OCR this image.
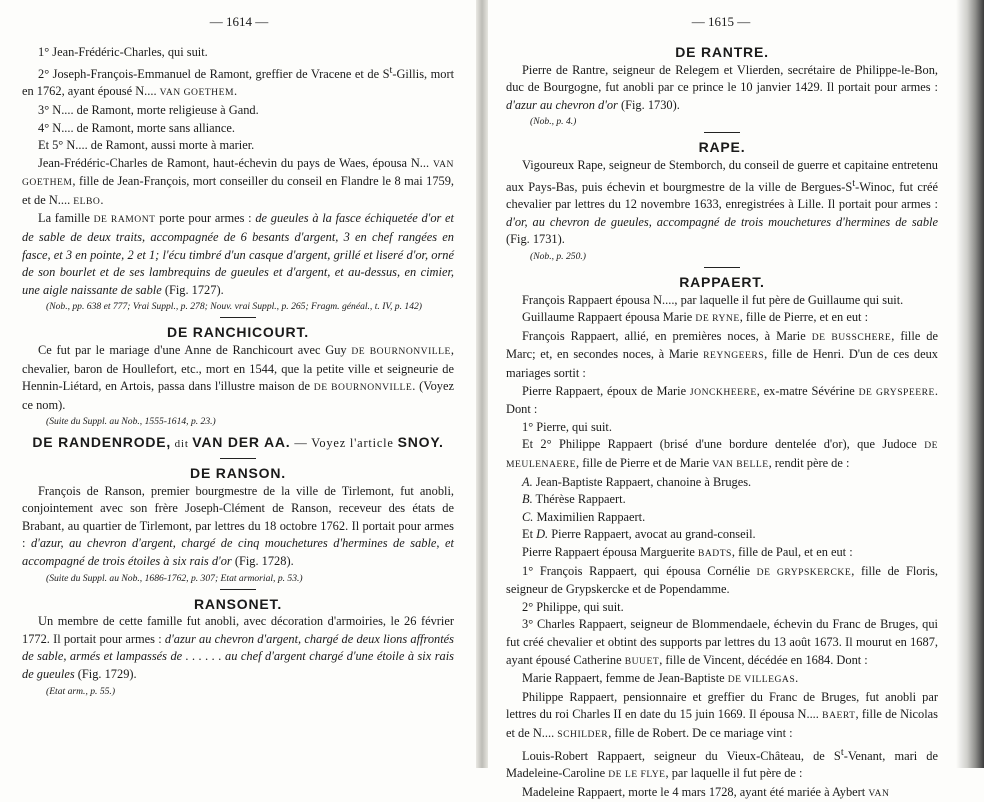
— 1614 —

1° Jean-Frédéric-Charles, qui suit.

2° Joseph-François-Emmanuel de Ramont, greffier de Vracene et de $S^t$-Gillis, mort en 1762, ayant épousé N.... VAN GOETHEM.

3° N.... de Ramont, morte religieuse à Gand.

4° N.... de Ramont, morte sans alliance.

Et 5° N.... de Ramont, aussi morte à marier.

Jean-Frédéric-Charles de Ramont, haut-échevin du pays de Waes, épousa N... VAN GOETHEM, fille de Jean-François, mort conseiller du conseil en Flandre le 8 mai 1759, et de N.... ELBO.

La famille DE RAMONT porte pour armes : de gueules à la fasce échiquetée d'or et de sable de deux traits, accompagnée de 6 besants d'argent, 3 en chef rangées en fasce, et 3 en pointe, 2 et 1; l'écu timbré d'un casque d'argent, grillé et liseré d'or, orné de son bourlet et de ses lambrequins de gueules et d'argent, et au-dessus, en cimier, une aigle naissante de sable (Fig. 1727).

(Nob., pp. 638 et 777; Vrai Suppl., p. 278; Nouv. vrai Suppl., p. 265; Fragm. généal., t. IV, p. 142)
DE RANCHICOURT.

Ce fut par le mariage d'une Anne de Ranchicourt avec Guy DE BOURNONVILLE, chevalier, baron de Houllefort, etc., mort en 1544, que la petite ville et seigneurie de Hennin-Liétard, en Artois, passa dans l'illustre maison de DE BOURNONVILLE. (Voyez ce nom).

(Suite du Suppl. au Nob., 1555-1614, p. 23.)
DE RANDENRODE, dit VAN DER AA. — Voyez l'article SNOY.
DE RANSON.

François de Ranson, premier bourgmestre de la ville de Tirlemont, fut anobli, conjointement avec son frère Joseph-Clément de Ranson, receveur des états de Brabant, au quartier de Tirlemont, par lettres du 18 octobre 1762. Il portait pour armes : d'azur, au chevron d'argent, chargé de cinq mouchetures d'hermines de sable, et accompagné de trois étoiles à six rais d'or (Fig. 1728).

(Suite du Suppl. au Nob., 1686-1762, p. 307; Etat armorial, p. 53.)
RANSONET.

Un membre de cette famille fut anobli, avec décoration d'armoiries, le 26 février 1772. Il portait pour armes : d'azur au chevron d'argent, chargé de deux lions affrontés de sable, armés et lampassés de . . . . . . au chef d'argent chargé d'une étoile à six rais de gueules (Fig. 1729).

(Etat arm., p. 55.)
— 1615 —
DE RANTRE.

Pierre de Rantre, seigneur de Relegem et Vlierden, secrétaire de Philippe-le-Bon, duc de Bourgogne, fut anobli par ce prince le 10 janvier 1429. Il portait pour armes : d'azur au chevron d'or (Fig. 1730).

(Nob., p. 4.)
RAPE.

Vigoureux Rape, seigneur de Stemborch, du conseil de guerre et capitaine entretenu aux Pays-Bas, puis échevin et bourgmestre de la ville de Bergues-$S^t$-Winoc, fut créé chevalier par lettres du 12 novembre 1633, enregistrées à Lille. Il portait pour armes : d'or, au chevron de gueules, accompagné de trois mouchetures d'hermines de sable (Fig. 1731).

(Nob., p. 250.)
RAPPAERT.

François Rappaert épousa N...., par laquelle il fut père de Guillaume qui suit.

Guillaume Rappaert épousa Marie DE RYNE, fille de Pierre, et en eut :

François Rappaert, allié, en premières noces, à Marie DE BUSSCHERE, fille de Marc; et, en secondes noces, à Marie REYNGEERS, fille de Henri. D'un de ces deux mariages sortit :

Pierre Rappaert, époux de Marie JONCKHEERE, ex-matre Sévérine DE GRYSPEERE. Dont :

1° Pierre, qui suit.

Et 2° Philippe Rappaert (brisé d'une bordure dentelée d'or), que Judoce DE MEULENAERE, fille de Pierre et de Marie VAN BELLE, rendit père de :

A. Jean-Baptiste Rappaert, chanoine à Bruges.

B. Thérèse Rappaert.

C. Maximilien Rappaert.

Et D. Pierre Rappaert, avocat au grand-conseil.

Pierre Rappaert épousa Marguerite BADTS, fille de Paul, et en eut :

1° François Rappaert, qui épousa Cornélie DE GRYPSKERCKE, fille de Floris, seigneur de Grypskercke et de Popendamme.

2° Philippe, qui suit.

3° Charles Rappaert, seigneur de Blommendaele, échevin du Franc de Bruges, qui fut créé chevalier et obtint des supports par lettres du 13 août 1673. Il mourut en 1687, ayant épousé Catherine BUUET, fille de Vincent, décédée en 1684. Dont :

Marie Rappaert, femme de Jean-Baptiste DE VILLEGAS.

Philippe Rappaert, pensionnaire et greffier du Franc de Bruges, fut anobli par lettres du roi Charles II en date du 15 juin 1669. Il épousa N.... BAERT, fille de Nicolas et de N.... SCHILDER, fille de Robert. De ce mariage vint :

Louis-Robert Rappaert, seigneur du Vieux-Château, de $S^t$-Venant, mari de Madeleine-Caroline DE LE FLYE, par laquelle il fut père de :

Madeleine Rappaert, morte le 4 mars 1728, ayant été mariée à Aybert VAN
